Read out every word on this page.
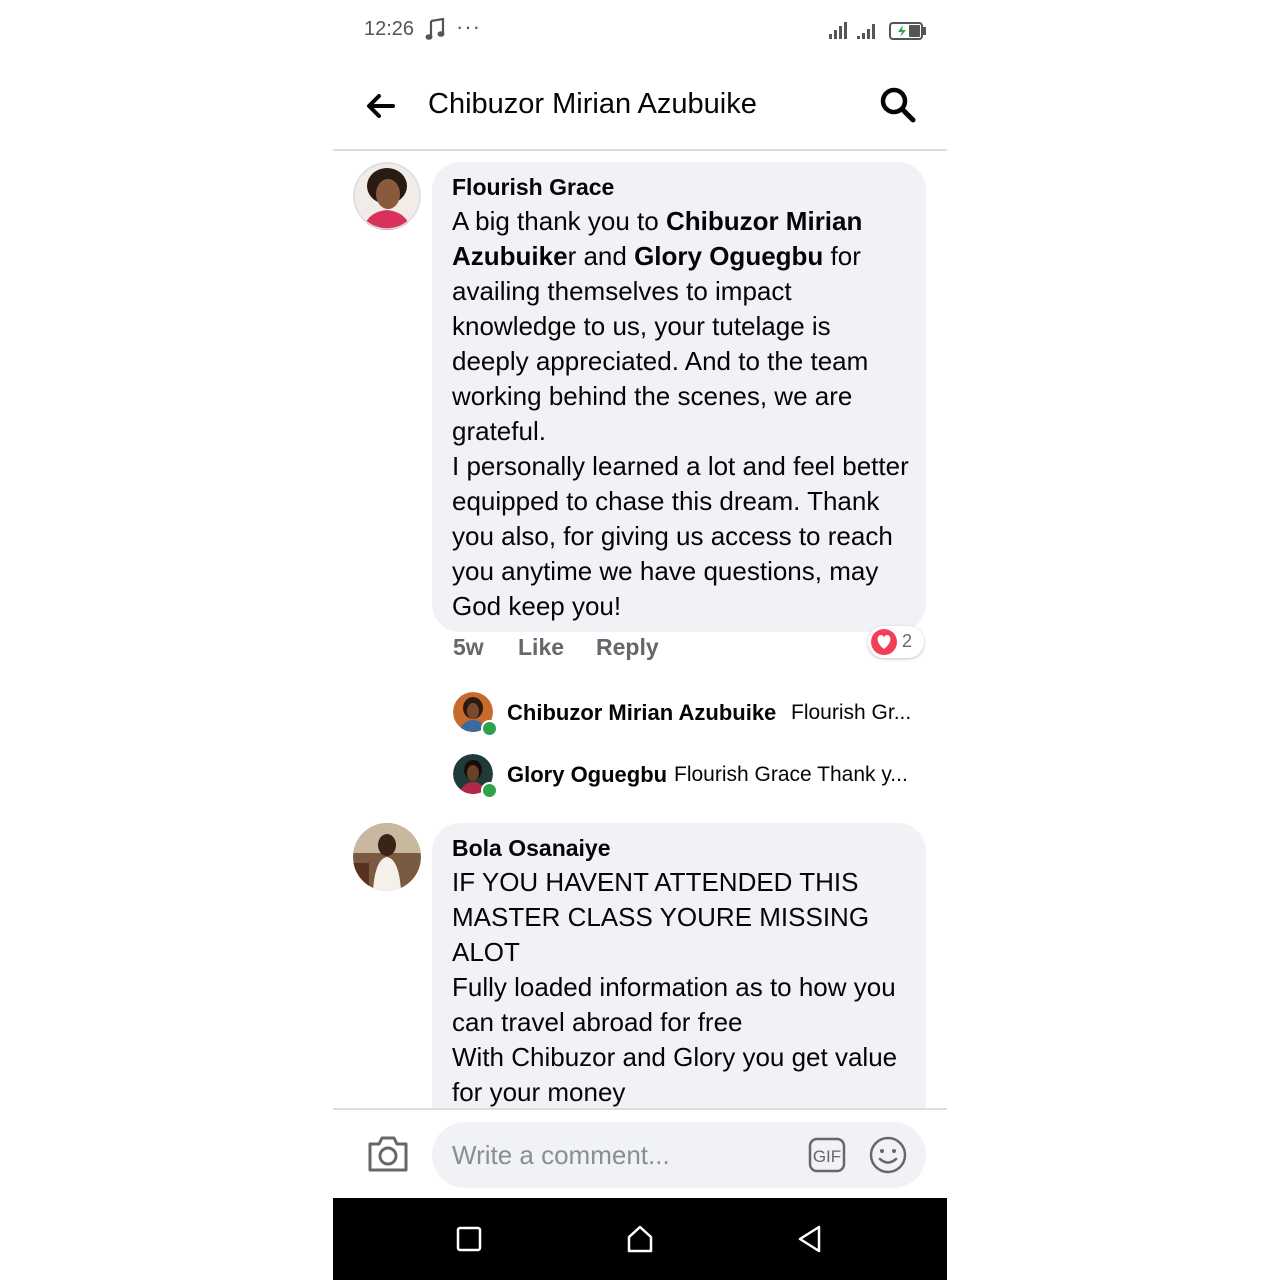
12:26 ···
Chibuzor Mirian Azubuike
Flourish Grace
A big thank you to Chibuzor Mirian Azubuiker and Glory Oguegbu for availing themselves to impact knowledge to us, your tutelage is deeply appreciated. And to the team working behind the scenes, we are grateful.
I personally learned a lot and feel better equipped to chase this dream. Thank you also, for giving us access to reach you anytime we have questions, may God keep you!
5w Like Reply	2
Chibuzor Mirian Azubuike Flourish Gr...
Glory Oguegbu Flourish Grace Thank y...
Bola Osanaiye
IF YOU HAVENT ATTENDED THIS MASTER CLASS YOURE MISSING ALOT
Fully loaded information as to how you can travel abroad for free
With Chibuzor and Glory you get value for your money
Write a comment...	GIF
